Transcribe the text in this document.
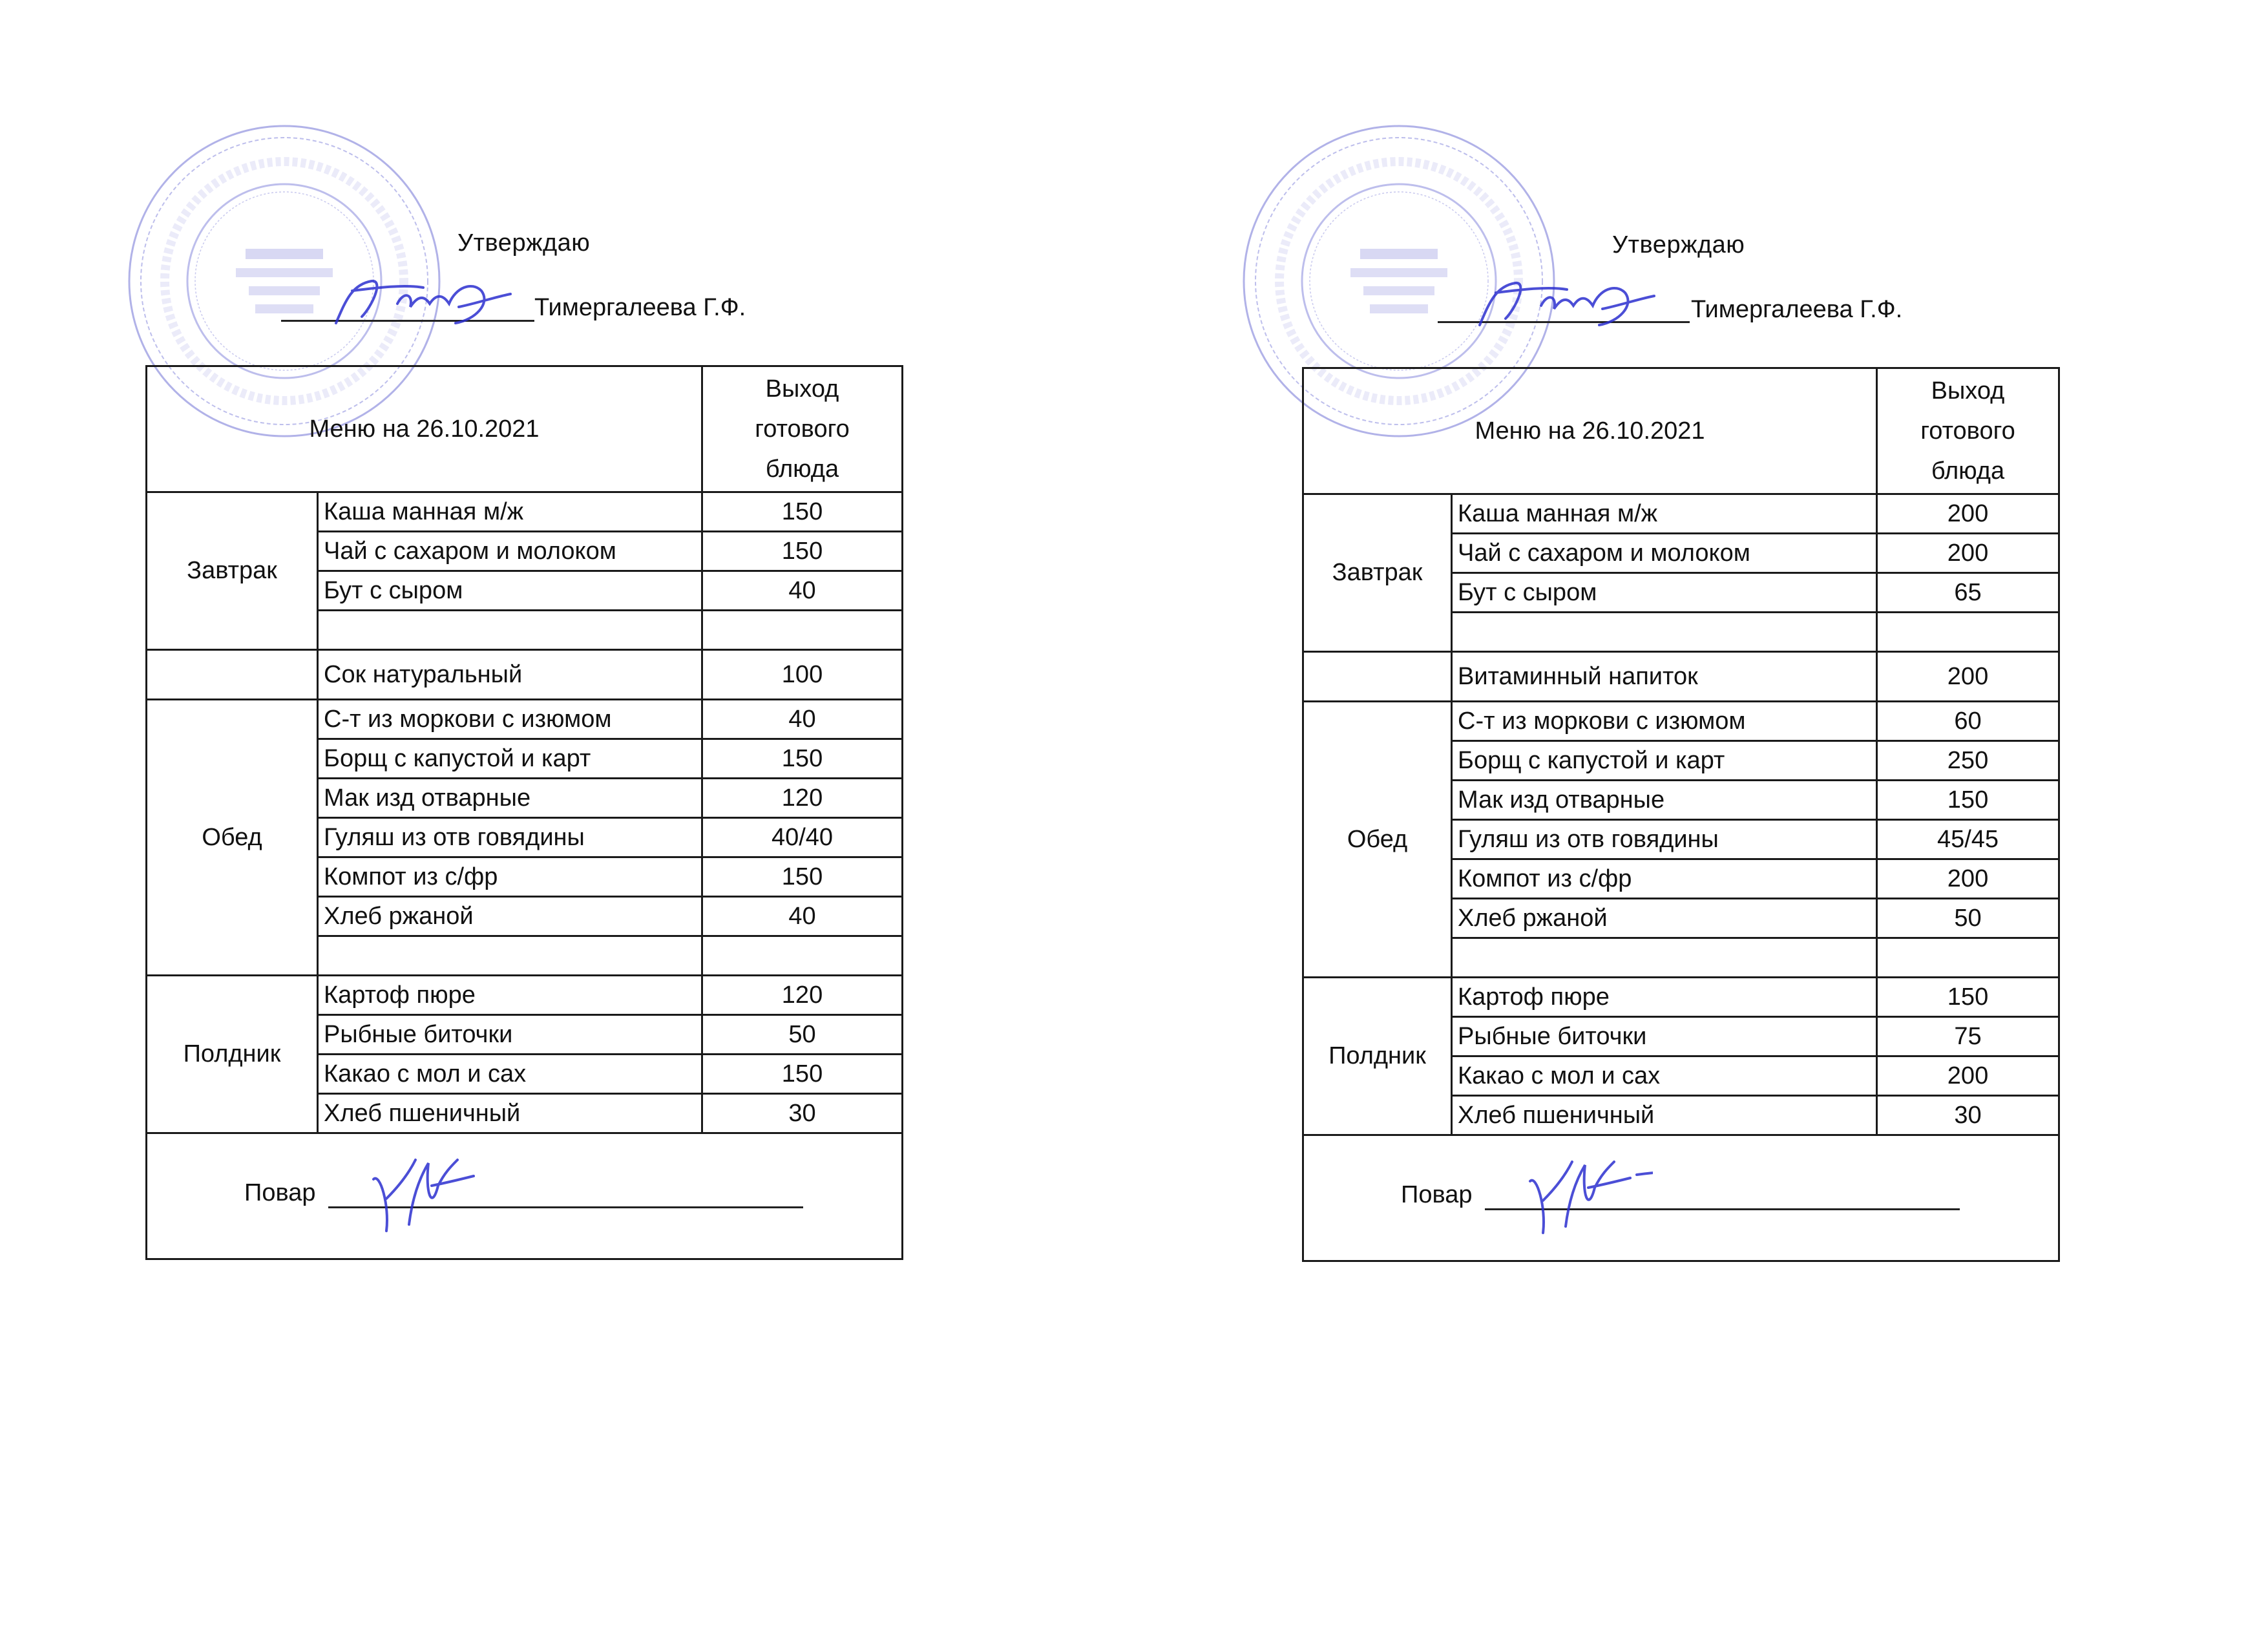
Утверждаю
Тимергалеева Г.Ф.
Меню на 26.10.2021		Выход готового блюда
Завтрак	Каша манная м/ж	150
	Чай с сахаром и молоком	150
	Бут с сыром	40

	Сок натуральный	100
Обед	С-т из моркови с изюмом	40
	Борщ с капустой и карт	150
	Мак изд отварные	120
	Гуляш из отв говядины	40/40
	Компот из с/фр	150
	Хлеб ржаной	40

Полдник	Картоф пюре	120
	Рыбные биточки	50
	Какао с мол и сах	150
	Хлеб пшеничный	30

Повар		
Утверждаю
Тимергалеева Г.Ф.
Меню на 26.10.2021		Выход готового блюда
Завтрак	Каша манная м/ж	200
	Чай с сахаром и молоком	200
	Бут с сыром	65

	Витаминный напиток	200
Обед	С-т из моркови с изюмом	60
	Борщ с капустой и карт	250
	Мак изд отварные	150
	Гуляш из отв говядины	45/45
	Компот из с/фр	200
	Хлеб ржаной	50

Полдник	Картоф пюре	150
	Рыбные биточки	75
	Какао с мол и сах	200
	Хлеб пшеничный	30

Повар		
